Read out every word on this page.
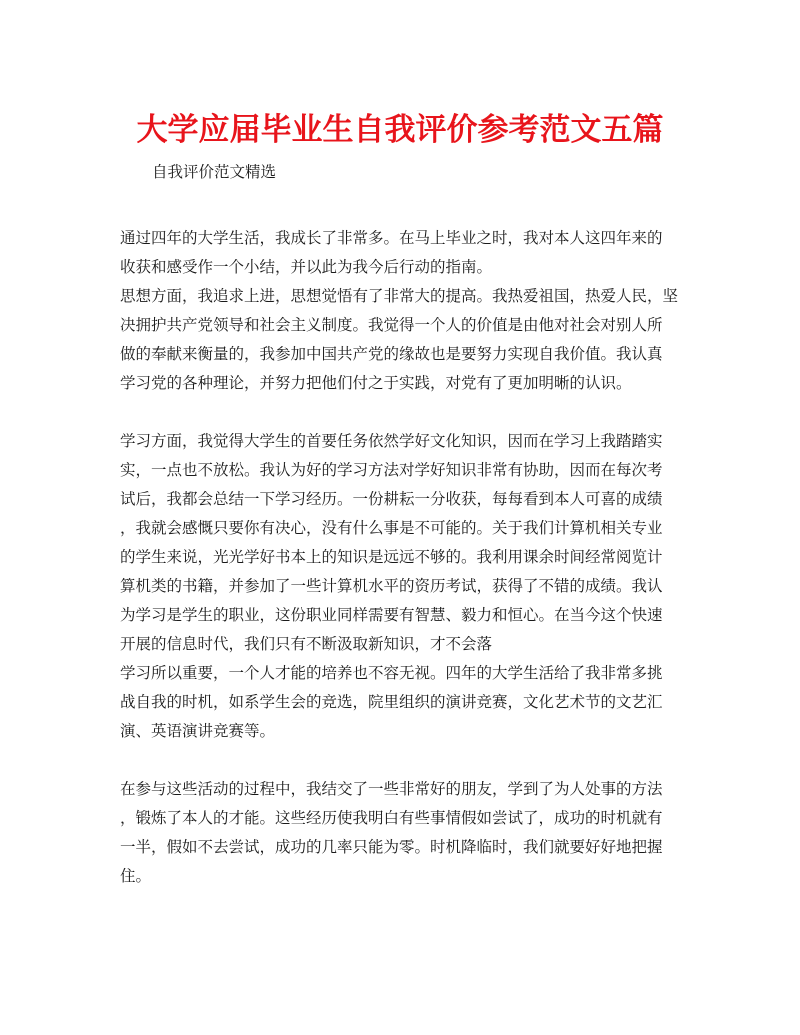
大学应届毕业生自我评价参考范文五篇
自我评价范文精选
通过四年的大学生活，我成长了非常多。在马上毕业之时，我对本人这四年来的
收获和感受作一个小结，并以此为我今后行动的指南。
思想方面，我追求上进，思想觉悟有了非常大的提高。我热爱祖国，热爱人民，坚
决拥护共产党领导和社会主义制度。我觉得一个人的价值是由他对社会对别人所
做的奉献来衡量的，我参加中国共产党的缘故也是要努力实现自我价值。我认真
学习党的各种理论，并努力把他们付之于实践，对党有了更加明晰的认识。
学习方面，我觉得大学生的首要任务依然学好文化知识，因而在学习上我踏踏实
实，一点也不放松。我认为好的学习方法对学好知识非常有协助，因而在每次考
试后，我都会总结一下学习经历。一份耕耘一分收获，每每看到本人可喜的成绩
，我就会感慨只要你有决心，没有什么事是不可能的。关于我们计算机相关专业
的学生来说，光光学好书本上的知识是远远不够的。我利用课余时间经常阅览计
算机类的书籍，并参加了一些计算机水平的资历考试，获得了不错的成绩。我认
为学习是学生的职业，这份职业同样需要有智慧、毅力和恒心。在当今这个快速
开展的信息时代，我们只有不断汲取新知识，才不会落
学习所以重要，一个人才能的培养也不容无视。四年的大学生活给了我非常多挑
战自我的时机，如系学生会的竞选，院里组织的演讲竞赛，文化艺术节的文艺汇
演、英语演讲竞赛等。
在参与这些活动的过程中，我结交了一些非常好的朋友，学到了为人处事的方法
，锻炼了本人的才能。这些经历使我明白有些事情假如尝试了，成功的时机就有
一半，假如不去尝试，成功的几率只能为零。时机降临时，我们就要好好地把握
住。
